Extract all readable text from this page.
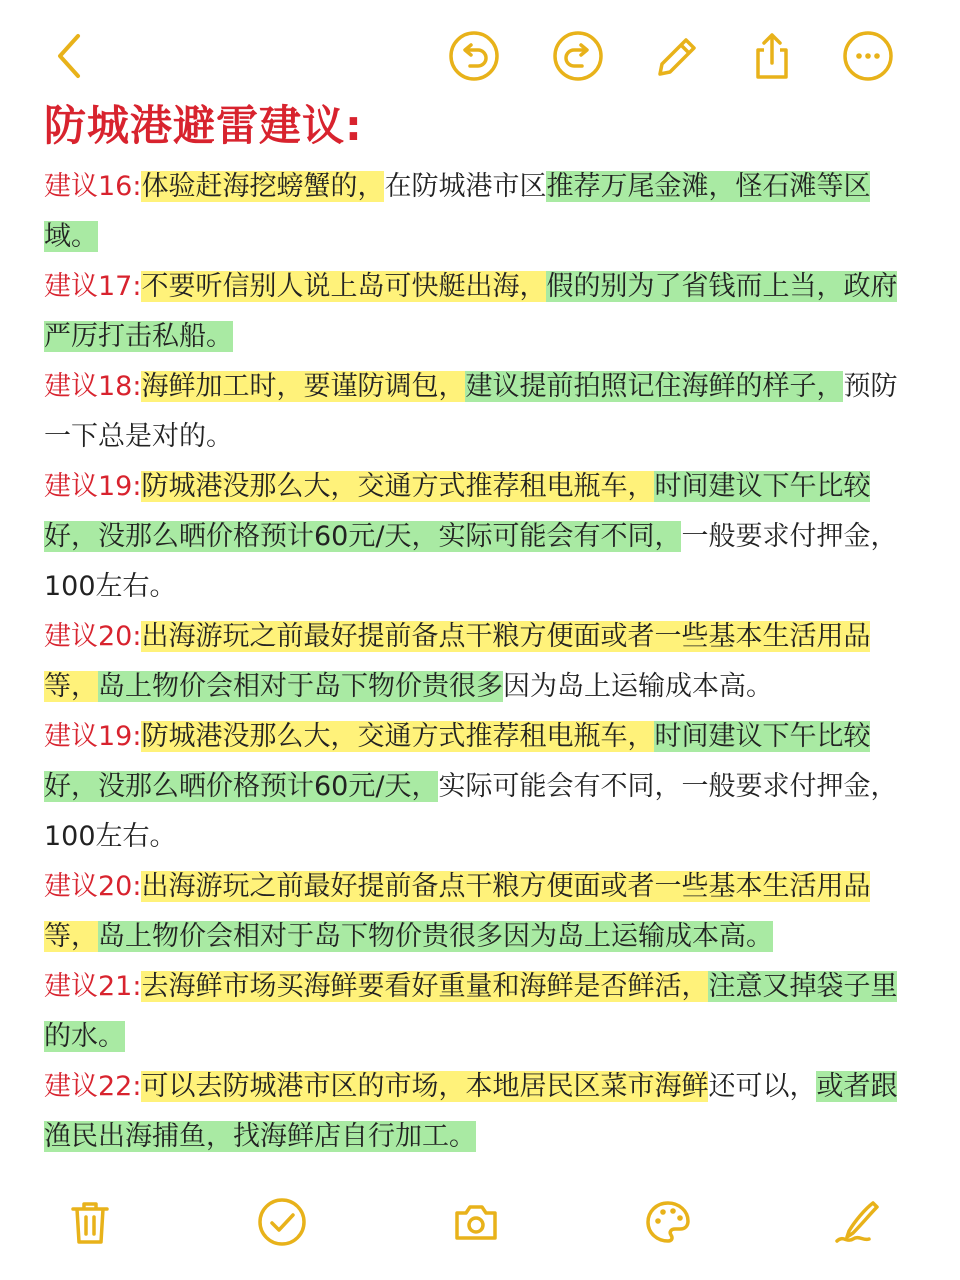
防城港避雷建议:

建议16:体验赶海挖螃蟹的，在防城港市区推荐万尾金滩，怪石滩等区域。

建议17:不要听信别人说上岛可快艇出海，假的别为了省钱而上当，政府严厉打击私船。

建议18:海鲜加工时，要谨防调包，建议提前拍照记住海鲜的样子，预防一下总是对的。

建议19:防城港没那么大，交通方式推荐租电瓶车，时间建议下午比较好，没那么晒价格预计60元/天，实际可能会有不同，一般要求付押金，100左右。

建议20:出海游玩之前最好提前备点干粮方便面或者一些基本生活用品等，岛上物价会相对于岛下物价贵很多因为岛上运输成本高。

建议19:防城港没那么大，交通方式推荐租电瓶车，时间建议下午比较好，没那么晒价格预计60元/天，实际可能会有不同，一般要求付押金，100左右。

建议20:出海游玩之前最好提前备点干粮方便面或者一些基本生活用品等，岛上物价会相对于岛下物价贵很多因为岛上运输成本高。

建议21:去海鲜市场买海鲜要看好重量和海鲜是否鲜活，注意又掉袋子里的水。

建议22:可以去防城港市区的市场，本地居民区菜市海鲜还可以，或者跟渔民出海捕鱼，找海鲜店自行加工。
